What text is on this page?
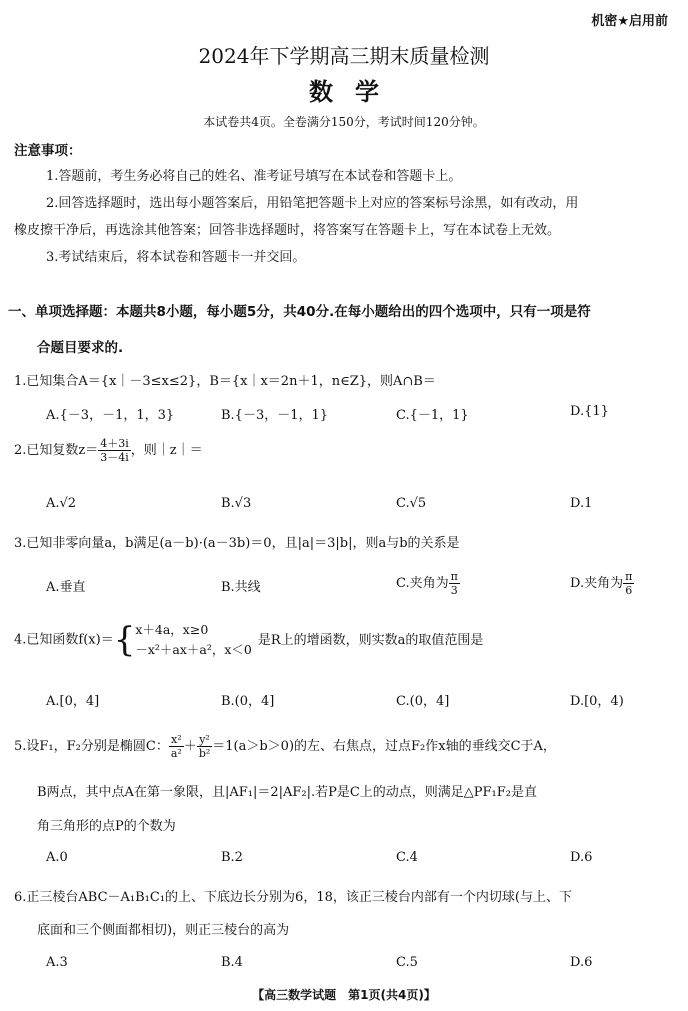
机密★启用前
2024年下学期高三期末质量检测
数学
本试卷共4页。全卷满分150分，考试时间120分钟。
注意事项：
1.答题前，考生务必将自己的姓名、准考证号填写在本试卷和答题卡上。
2.回答选择题时，选出每小题答案后，用铅笔把答题卡上对应的答案标号涂黑，如有改动，用
橡皮擦干净后，再选涂其他答案；回答非选择题时，将答案写在答题卡上，写在本试卷上无效。
3.考试结束后，将本试卷和答题卡一并交回。
一、单项选择题：本题共8小题，每小题5分，共40分.在每小题给出的四个选项中，只有一项是符
合题目要求的.
1.已知集合A＝{x｜－3≤x≤2}，B＝{x｜x＝2n＋1，n∈Z}，则A∩B＝
A.{－3，－1，1，3}	B.{－3，－1，1}	C.{－1，1}	D.{1}
2.已知复数$z= \frac{4+3i}{3-4i}$ ，则｜z｜＝
A.√2	B.√3	C.√5	D.1
3.已知非零向量a，b满足(a－b)·(a－3b)＝0，且|a|＝3|b|，则a与b的关系是
A.垂直	B.共线	C.夹角为 $\frac{\pi}{3}$	D.夹角为 $\frac{\pi}{6}$
4.已知函数f(x)＝{ x＋4a，x≥0
－x²＋ax＋a²，x＜0
是R上的增函数，则实数a的取值范围是
A.[0，4]	B.(0，4]	C.(0，4]	D.[0，4)
5.设F₁，F₂分别是椭圆C： $\frac{\text{x²}}{\text{a²}} + \frac{\text{y²}}{\text{b²}} =1(a>b>0)$的左、右焦点，过点F₂作x轴的垂线交C于A，
B两点，其中点A在第一象限，且|AF₁|＝2|AF₂|.若P是C上的动点，则满足△PF₁F₂是直
角三角形的点P的个数为
A.0	B.2	C.4	D.6
6.正三棱台ABC－A₁B₁C₁的上、下底边长分别为6，18，该正三棱台内部有一个内切球(与上、下
底面和三个侧面都相切)，则正三棱台的高为
A.3	B.4	C.5	D.6
【高三数学试题　第1页(共4页)】
